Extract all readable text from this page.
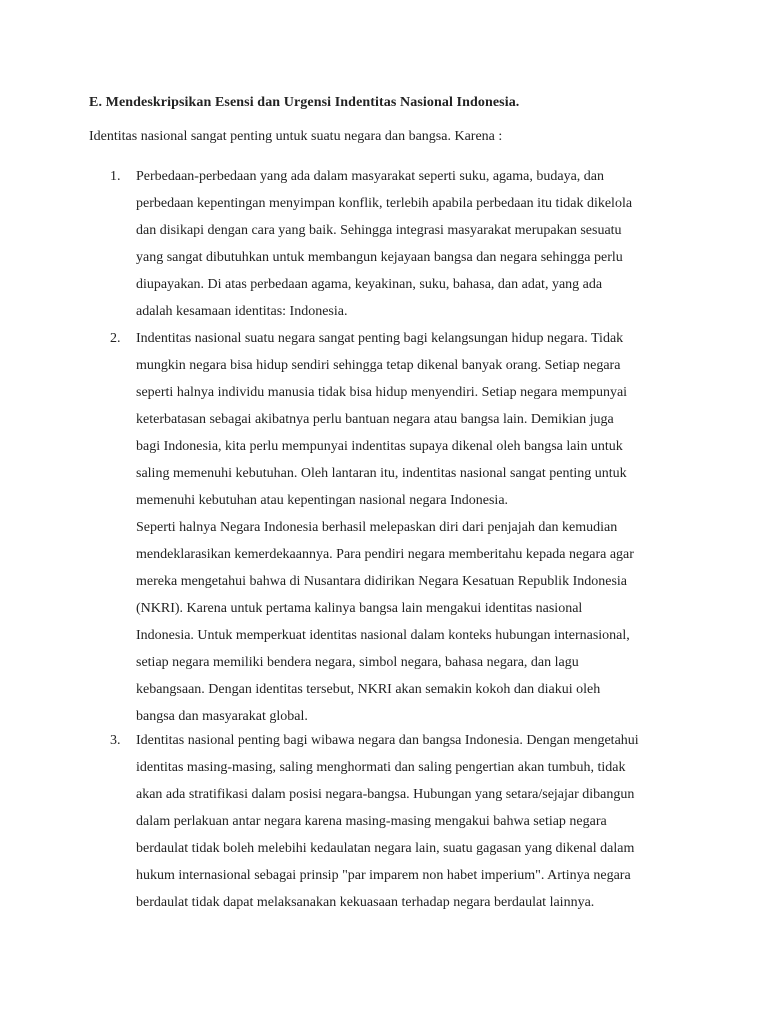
E. Mendeskripsikan Esensi dan Urgensi Indentitas Nasional Indonesia.
Identitas nasional sangat penting untuk suatu negara dan bangsa. Karena :
1.	Perbedaan-perbedaan yang ada dalam masyarakat seperti suku, agama, budaya, dan
perbedaan kepentingan menyimpan konflik, terlebih apabila perbedaan itu tidak dikelola
dan disikapi dengan cara yang baik. Sehingga integrasi masyarakat merupakan sesuatu
yang sangat dibutuhkan untuk membangun kejayaan bangsa dan negara sehingga perlu
diupayakan. Di atas perbedaan agama, keyakinan, suku, bahasa, dan adat, yang ada
adalah kesamaan identitas: Indonesia.
2.	Indentitas nasional suatu negara sangat penting bagi kelangsungan hidup negara. Tidak
mungkin negara bisa hidup sendiri sehingga tetap dikenal banyak orang. Setiap negara
seperti halnya individu manusia tidak bisa hidup menyendiri. Setiap negara mempunyai
keterbatasan sebagai akibatnya perlu bantuan negara atau bangsa lain. Demikian juga
bagi Indonesia, kita perlu mempunyai indentitas supaya dikenal oleh bangsa lain untuk
saling memenuhi kebutuhan. Oleh lantaran itu, indentitas nasional sangat penting untuk
memenuhi kebutuhan atau kepentingan nasional negara Indonesia.
Seperti halnya Negara Indonesia berhasil melepaskan diri dari penjajah dan kemudian
mendeklarasikan kemerdekaannya. Para pendiri negara memberitahu kepada negara agar
mereka mengetahui bahwa di Nusantara didirikan Negara Kesatuan Republik Indonesia
(NKRI). Karena untuk pertama kalinya bangsa lain mengakui identitas nasional
Indonesia. Untuk memperkuat identitas nasional dalam konteks hubungan internasional,
setiap negara memiliki bendera negara, simbol negara, bahasa negara, dan lagu
kebangsaan. Dengan identitas tersebut, NKRI akan semakin kokoh dan diakui oleh
bangsa dan masyarakat global.
3.	Identitas nasional penting bagi wibawa negara dan bangsa Indonesia. Dengan mengetahui
identitas masing-masing, saling menghormati dan saling pengertian akan tumbuh, tidak
akan ada stratifikasi dalam posisi negara-bangsa. Hubungan yang setara/sejajar dibangun
dalam perlakuan antar negara karena masing-masing mengakui bahwa setiap negara
berdaulat tidak boleh melebihi kedaulatan negara lain, suatu gagasan yang dikenal dalam
hukum internasional sebagai prinsip "par imparem non habet imperium". Artinya negara
berdaulat tidak dapat melaksanakan kekuasaan terhadap negara berdaulat lainnya.
